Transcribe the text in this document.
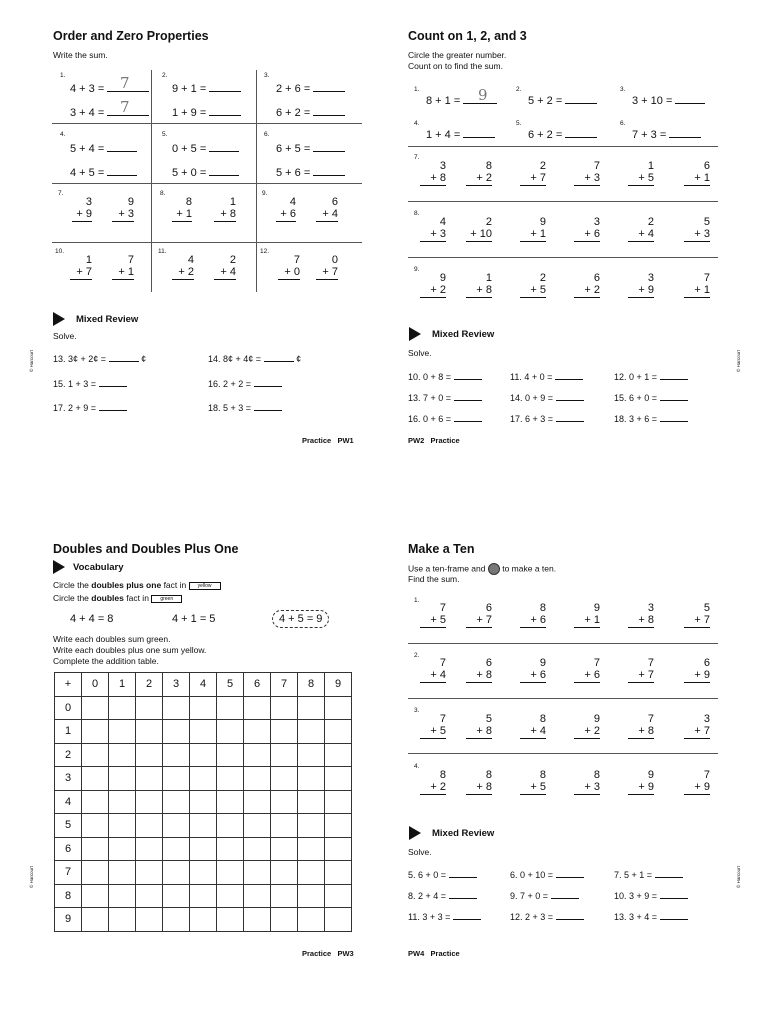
Order and Zero Properties
Write the sum.
1.
4 + 3 =	7
3 + 4 =	7
2.
9 + 1 =
1 + 9 =
3.
2 + 6 =
6 + 2 =
4.
5 + 4 =
4 + 5 =
5.
0 + 5 =
5 + 0 =
6.
6 + 5 =
5 + 6 =
7.	8.	9.
10.	11.	12.
3
+ 9
9
+ 3
8
+ 1
1
+ 8
4
+ 6
6
+ 4
1
+ 7
7
+ 1
4
+ 2
2
+ 4
7
+ 0
0
+ 7
Mixed Review
Solve.
13. 3¢ + 2¢ =	¢	14. 8¢ + 4¢ =	¢
15. 1 + 3 =	16. 2 + 2 =
17. 2 + 9 =	18. 5 + 3 =
Practice PW1
© Harcourt
Count on 1, 2, and 3
Circle the greater number.
Count on to find the sum.
1.
8 + 1 =	9	2.
5 + 2 =
3.
3 + 10 =
4.
1 + 4 =
5.
6 + 2 =
6.
7 + 3 =
7.
8.
9.
3
+ 8
8
+ 2
2
+ 7
7
+ 3
1
+ 5
6
+ 1
4
+ 3
2
+ 10
9
+ 1
3
+ 6
2
+ 4
5
+ 3
9
+ 2
1
+ 8
2
+ 5
6
+ 2
3
+ 9
7
+ 1
Mixed Review
Solve.
10. 0 + 8 =	11. 4 + 0 =	12. 0 + 1 =
13. 7 + 0 =	14. 0 + 9 =	15. 6 + 0 =
16. 0 + 6 =	17. 6 + 3 =	18. 3 + 6 =
PW2 Practice
© Harcourt
Doubles and Doubles Plus One
Vocabulary
Circle the doubles plus one fact in yellow
Circle the doubles fact in green
4 + 4 = 8	4 + 1 = 5	4 + 5 = 9
Write each doubles sum green.
Write each doubles plus one sum yellow.
Complete the addition table.
+	0	1	2	3	4	5	6	7	8	9
0										
1										
2										
3										
4										
5										
6										
7										
8										
9										
Practice PW3
© Harcourt
Make a Ten
Use a ten-frame and to make a ten.
Find the sum.
1.
2.
3.
4.
7
+ 5
6
+ 7
8
+ 6
9
+ 1
3
+ 8
5
+ 7
7
+ 4
6
+ 8
9
+ 6
7
+ 6
7
+ 7
6
+ 9
7
+ 5
5
+ 8
8
+ 4
9
+ 2
7
+ 8
3
+ 7
8
+ 2
8
+ 8
8
+ 5
8
+ 3
9
+ 9
7
+ 9
Mixed Review
Solve.
5. 6 + 0 =	6. 0 + 10 =	7. 5 + 1 =
8. 2 + 4 =	9. 7 + 0 =	10. 3 + 9 =
11. 3 + 3 =	12. 2 + 3 =	13. 3 + 4 =
PW4 Practice
© Harcourt
